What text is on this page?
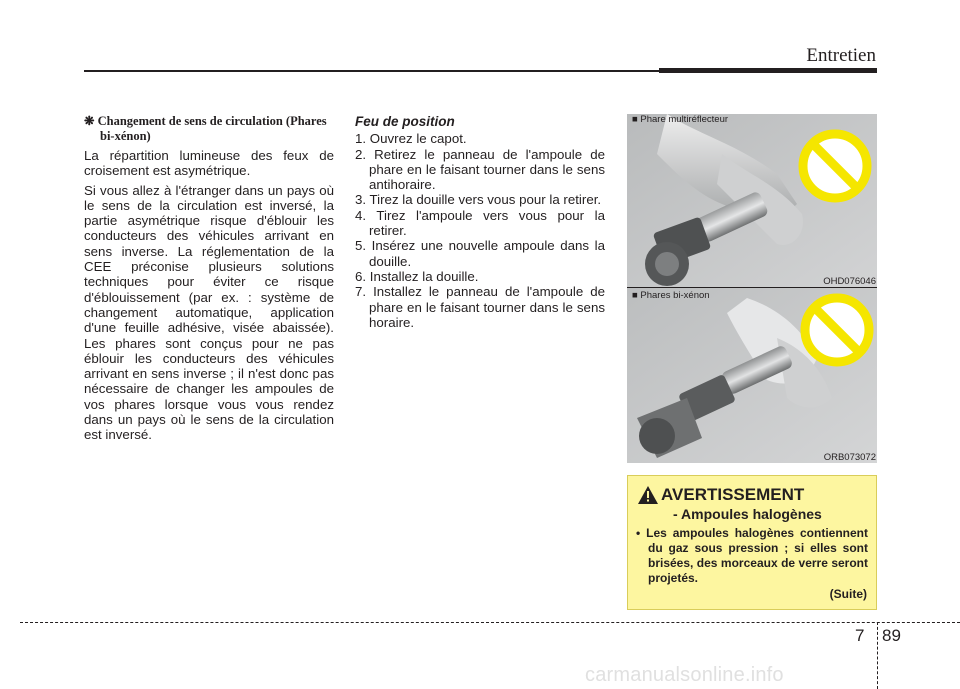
Entretien
❋ Changement de sens de circulation (Phares bi-xénon)

La répartition lumineuse des feux de croisement est asymétrique.

Si vous allez à l'étranger dans un pays où le sens de la circulation est inversé, la partie asymétrique risque d'éblouir les conducteurs des véhicules arrivant en sens inverse. La réglementation de la CEE préconise plusieurs solutions techniques pour éviter ce risque d'éblouissement (par ex. : système de changement automatique, application d'une feuille adhésive, visée abaissée). Les phares sont conçus pour ne pas éblouir les conducteurs des véhicules arrivant en sens inverse ; il n'est donc pas nécessaire de changer les ampoules de vos phares lorsque vous vous rendez dans un pays où le sens de la circulation est inversé.

Feu de position

1. Ouvrez le capot.

2. Retirez le panneau de l'ampoule de phare en le faisant tourner dans le sens antihoraire.

3. Tirez la douille vers vous pour la retirer.

4. Tirez l'ampoule vers vous pour la retirer.

5. Insérez une nouvelle ampoule dans la douille.

6. Installez la douille.

7. Installez le panneau de l'ampoule de phare en le faisant tourner dans le sens horaire.

■ Phare multiréflecteur
OHD076046
■ Phares bi-xénon
ORB073072
AVERTISSEMENT
- Ampoules halogènes
• Les ampoules halogènes contiennent du gaz sous pression ; si elles sont brisées, des morceaux de verre seront projetés.
(Suite)
7 89
carmanualsonline.info
